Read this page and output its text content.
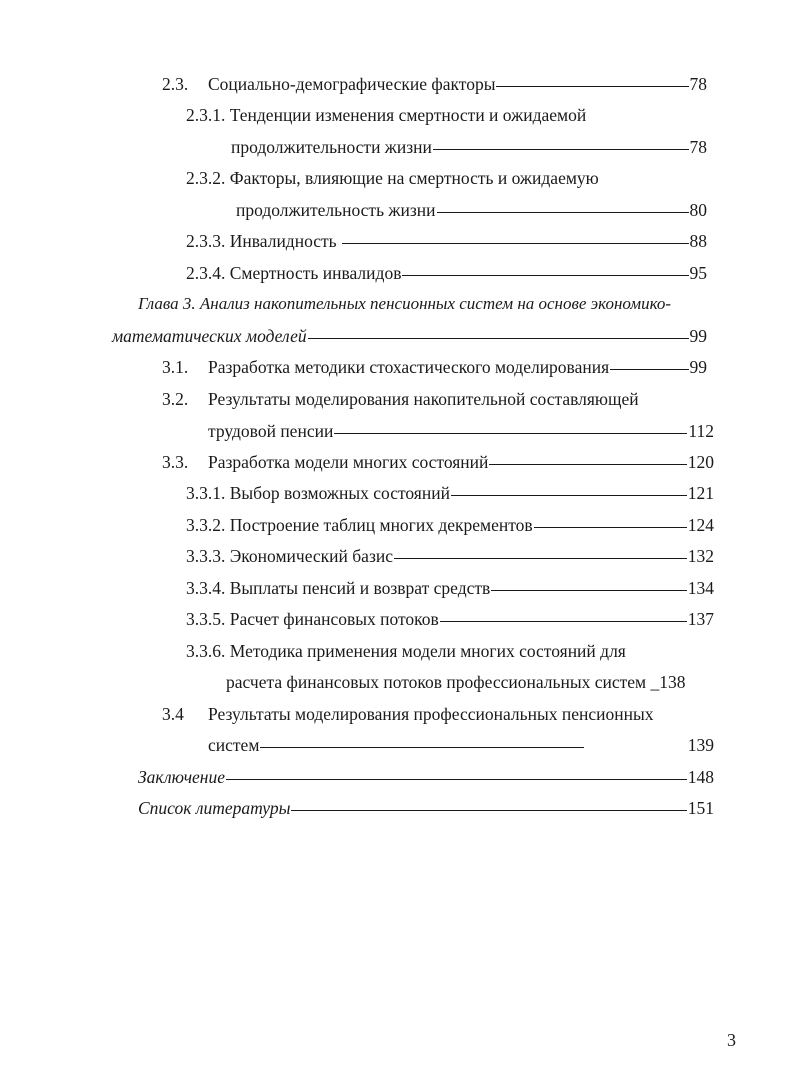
2.3.	Социально-демографические факторы	78
2.3.1. Тенденции изменения смертности и ожидаемой
продолжительности жизни	78
2.3.2. Факторы, влияющие на смертность и ожидаемую
продолжительность жизни	80
2.3.3. Инвалидность	88
2.3.4. Смертность инвалидов	95
Глава 3. Анализ накопительных пенсионных систем на основе экономико-
математических моделей	99
3.1.	Разработка методики стохастического моделирования	99
3.2.	Результаты моделирования накопительной составляющей
трудовой пенсии	112
3.3.	Разработка модели многих состояний	120
3.3.1. Выбор возможных состояний	121
3.3.2. Построение таблиц многих декрементов	124
3.3.3. Экономический базис	132
3.3.4. Выплаты пенсий и возврат средств	134
3.3.5. Расчет финансовых потоков	137
3.3.6. Методика применения модели многих состояний для
расчета финансовых потоков профессиональных систем _138
3.4	Результаты моделирования профессиональных пенсионных
систем	139
Заключение	148
Список литературы	151
3
